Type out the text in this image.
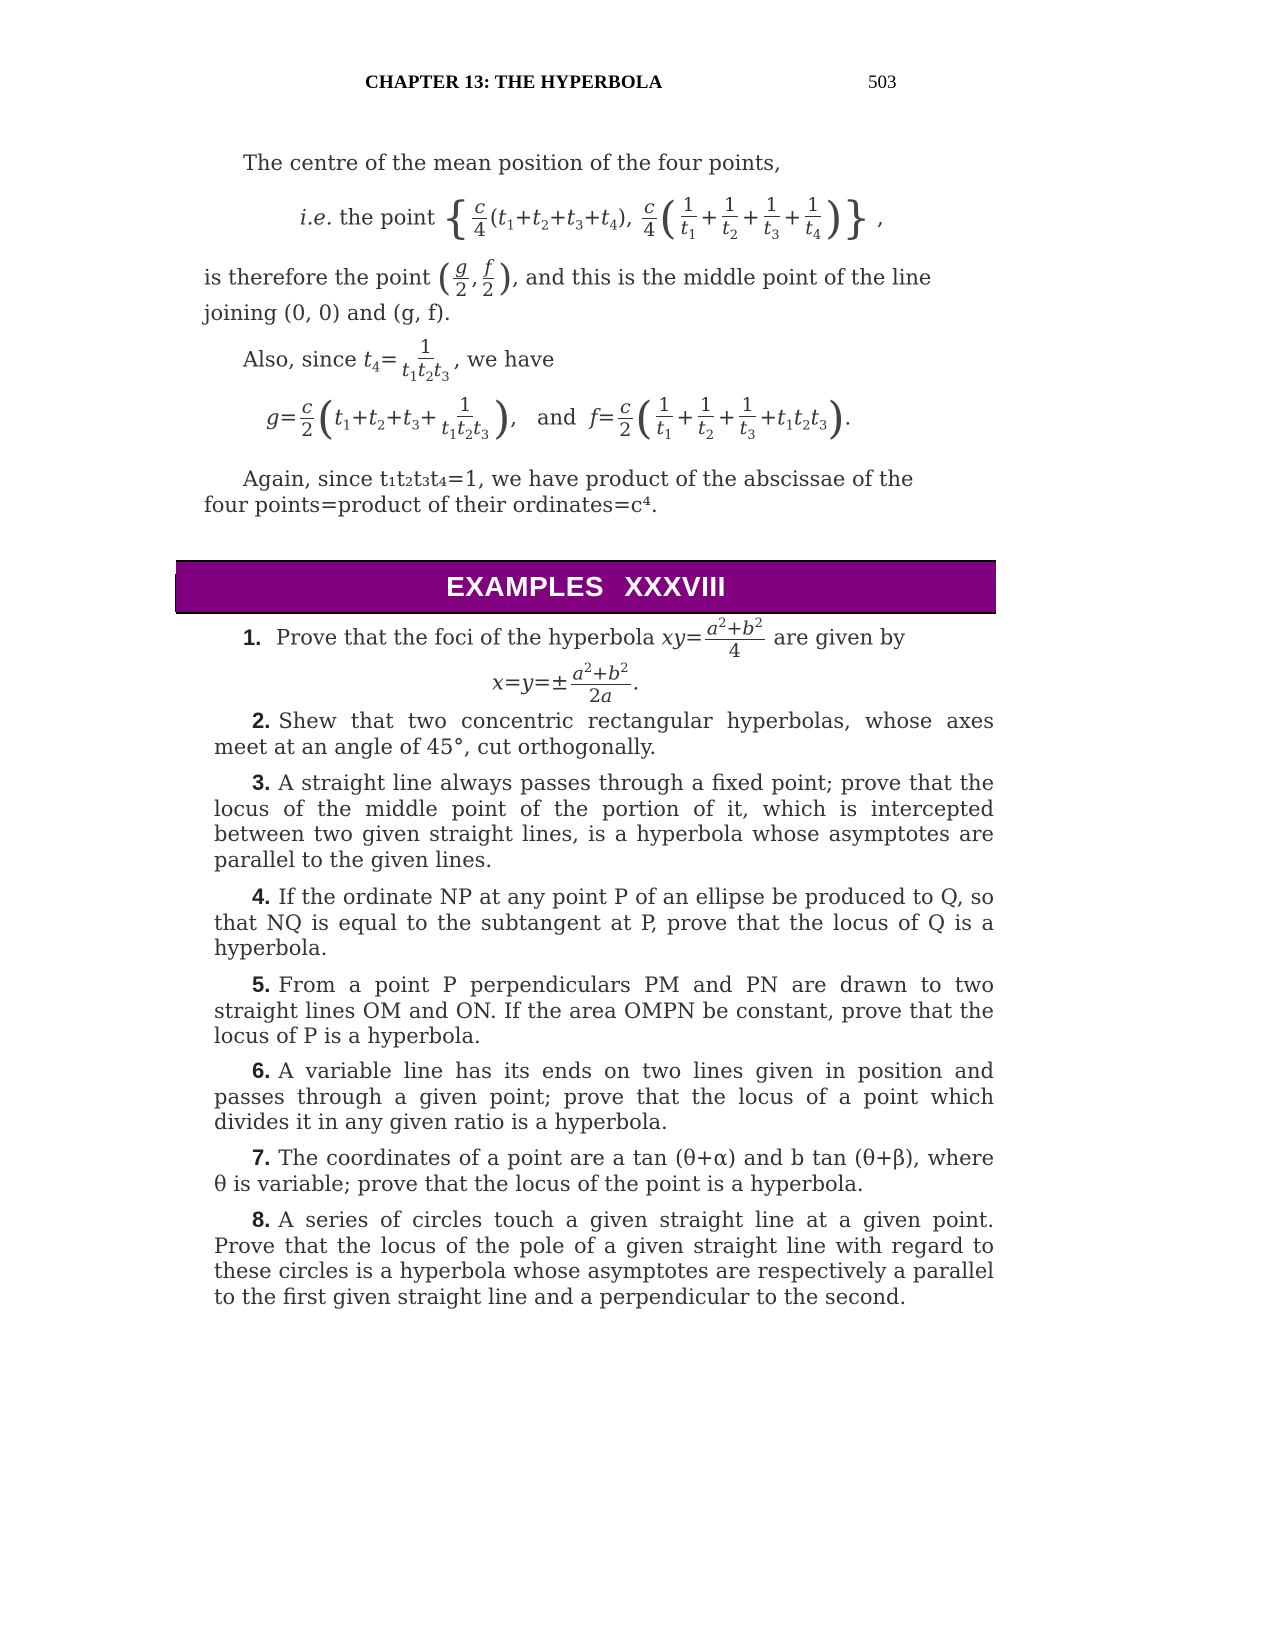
CHAPTER 13: THE HYPERBOLA	503
The centre of the mean position of the four points,
i.e. the point { $\frac{c}{4} (t_1+t_2+t_3+t_4)$, $\frac{c}{4}$ ( $\frac{1}{t_1} + \frac{1}{t_2} + \frac{1}{t_3} + \frac{1}{t_4}$ )} ,
is therefore the point ( $\frac{g}{2}$ , $\frac{f}{2}$ ), and this is the middle point of the line
joining (0, 0) and (g, f).
Also, since $t_4= \frac{1}{t_1t_2t_3}$ , we have
$g= \frac{c}{2} (t_1+t_2+t_3+ \frac{1}{t_1t_2t_3}$ ),   and $f= \frac{c}{2}$ ( $\frac{1}{t_1} + \frac{1}{t_2} + \frac{1}{t_3} +t_1t_2t_3$).
Again, since t₁t₂t₃t₄=1, we have product of the abscissae of the
four points=product of their ordinates=c⁴.
EXAMPLES XXXVIII
1. Prove that the foci of the hyperbola $xy= \frac{a^2+b^2}{4}$ are given by
$x=y=\pm \frac{a^2+b^2}{2a}$ .
2. Shew that two concentric rectangular hyperbolas, whose axes meet at an angle of 45°, cut orthogonally.
3. A straight line always passes through a fixed point; prove that the locus of the middle point of the portion of it, which is intercepted between two given straight lines, is a hyperbola whose asymptotes are parallel to the given lines.
4. If the ordinate NP at any point P of an ellipse be produced to Q, so that NQ is equal to the subtangent at P, prove that the locus of Q is a hyperbola.
5. From a point P perpendiculars PM and PN are drawn to two straight lines OM and ON. If the area OMPN be constant, prove that the locus of P is a hyperbola.
6. A variable line has its ends on two lines given in position and passes through a given point; prove that the locus of a point which divides it in any given ratio is a hyperbola.
7. The coordinates of a point are a tan (θ+α) and b tan (θ+β), where θ is variable; prove that the locus of the point is a hyperbola.
8. A series of circles touch a given straight line at a given point. Prove that the locus of the pole of a given straight line with regard to these circles is a hyperbola whose asymptotes are respectively a parallel to the first given straight line and a perpendicular to the second.
